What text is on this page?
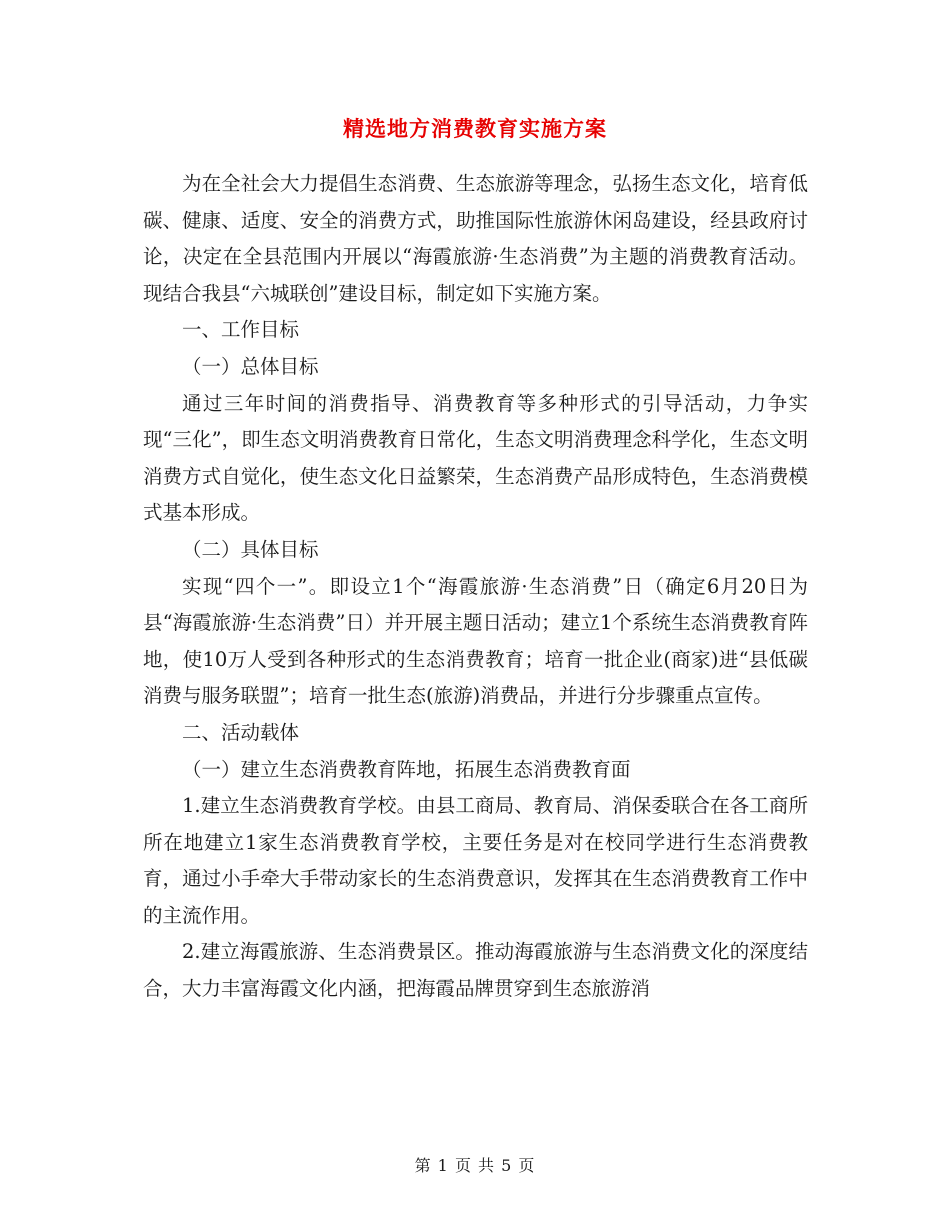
精选地方消费教育实施方案

为在全社会大力提倡生态消费、生态旅游等理念，弘扬生态文化，培育低碳、健康、适度、安全的消费方式，助推国际性旅游休闲岛建设，经县政府讨论，决定在全县范围内开展以“海霞旅游·生态消费”为主题的消费教育活动。现结合我县“六城联创”建设目标，制定如下实施方案。

一、工作目标

（一）总体目标

通过三年时间的消费指导、消费教育等多种形式的引导活动，力争实现“三化”，即生态文明消费教育日常化，生态文明消费理念科学化，生态文明消费方式自觉化，使生态文化日益繁荣，生态消费产品形成特色，生态消费模式基本形成。

（二）具体目标

实现“四个一”。即设立1个“海霞旅游·生态消费”日（确定6月20日为县“海霞旅游·生态消费”日）并开展主题日活动；建立1个系统生态消费教育阵地，使10万人受到各种形式的生态消费教育；培育一批企业(商家)进“县低碳消费与服务联盟”；培育一批生态(旅游)消费品，并进行分步骤重点宣传。

二、活动载体

（一）建立生态消费教育阵地，拓展生态消费教育面

1.建立生态消费教育学校。由县工商局、教育局、消保委联合在各工商所所在地建立1家生态消费教育学校，主要任务是对在校同学进行生态消费教育，通过小手牵大手带动家长的生态消费意识，发挥其在生态消费教育工作中的主流作用。

2.建立海霞旅游、生态消费景区。推动海霞旅游与生态消费文化的深度结合，大力丰富海霞文化内涵，把海霞品牌贯穿到生态旅游消

第 1 页 共 5 页
